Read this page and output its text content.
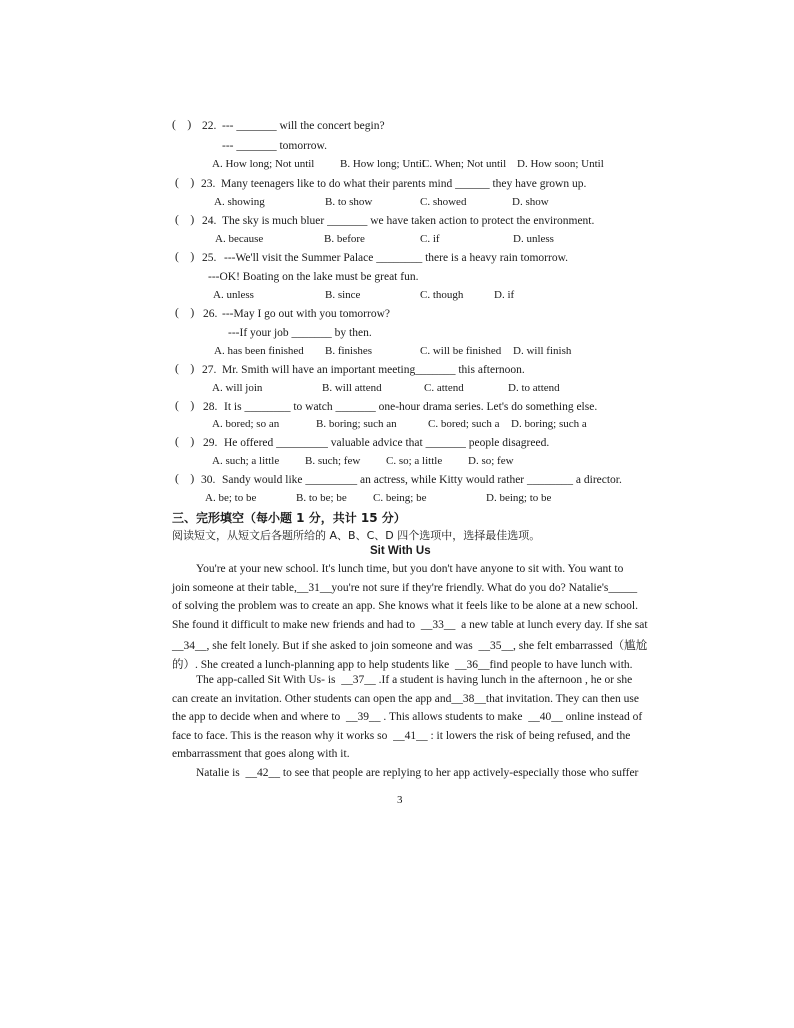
(    ) 22. --- _______ will the concert begin?
--- _______ tomorrow.
A. How long; Not until B. How long; Until
C. When; Not until D. How soon; Until
(    ) 23. Many teenagers like to do what their parents mind ______ they have grown up.
A. showing	B. to show	C. showed	D. show
(    ) 24. The sky is much bluer _______ we have taken action to protect the environment.
A. because	B. before	C. if	D. unless
(    ) 25. ---We'll visit the Summer Palace ________ there is a heavy rain tomorrow.
---OK! Boating on the lake must be great fun.
A. unless	B. since	C. though	D. if
(    ) 26. ---May I go out with you tomorrow?
---If your job _______ by then.
A. has been finished B. finishes	C. will be finished D. will finish
(    ) 27. Mr. Smith will have an important meeting_______ this afternoon.
A. will join	B. will attend	C. attend	D. to attend
(    ) 28. It is ________ to watch _______ one-hour drama series. Let's do something else.
A. bored; so an	B. boring; such an	C. bored; such a D. boring; such a
(    ) 29. He offered _________ valuable advice that _______ people disagreed.
A. such; a little B. such; few C. so; a little D. so; few
(    ) 30. Sandy would like _________ an actress, while Kitty would rather ________ a director.
A. be; to be	B. to be; be C. being; be	D. being; to be
三、完形填空（每小题 1 分，共计 15 分）
阅读短文，从短文后各题所给的 A、B、C、D 四个选项中，选择最佳选项。
Sit With Us
You're at your new school. It's lunch time, but you don't have anyone to sit with. You want to
join someone at their table,__31__you're not sure if they're friendly. What do you do? Natalie's_____
of solving the problem was to create an app. She knows what it feels like to be alone at a new school.
She found it difficult to make new friends and had to  __33__  a new table at lunch every day. If she sat
__34__, she felt lonely. But if she asked to join someone and was  __35__, she felt embarrassed（尴尬
的）. She created a lunch-planning app to help students like  __36__find people to have lunch with.
The app-called Sit With Us- is  __37__ .If a student is having lunch in the afternoon , he or she
can create an invitation. Other students can open the app and__38__that invitation. They can then use
the app to decide when and where to  __39__ . This allows students to make  __40__ online instead of
face to face. This is the reason why it works so  __41__ : it lowers the risk of being refused, and the
embarrassment that goes along with it.
Natalie is  __42__ to see that people are replying to her app actively-especially those who suffer
3
